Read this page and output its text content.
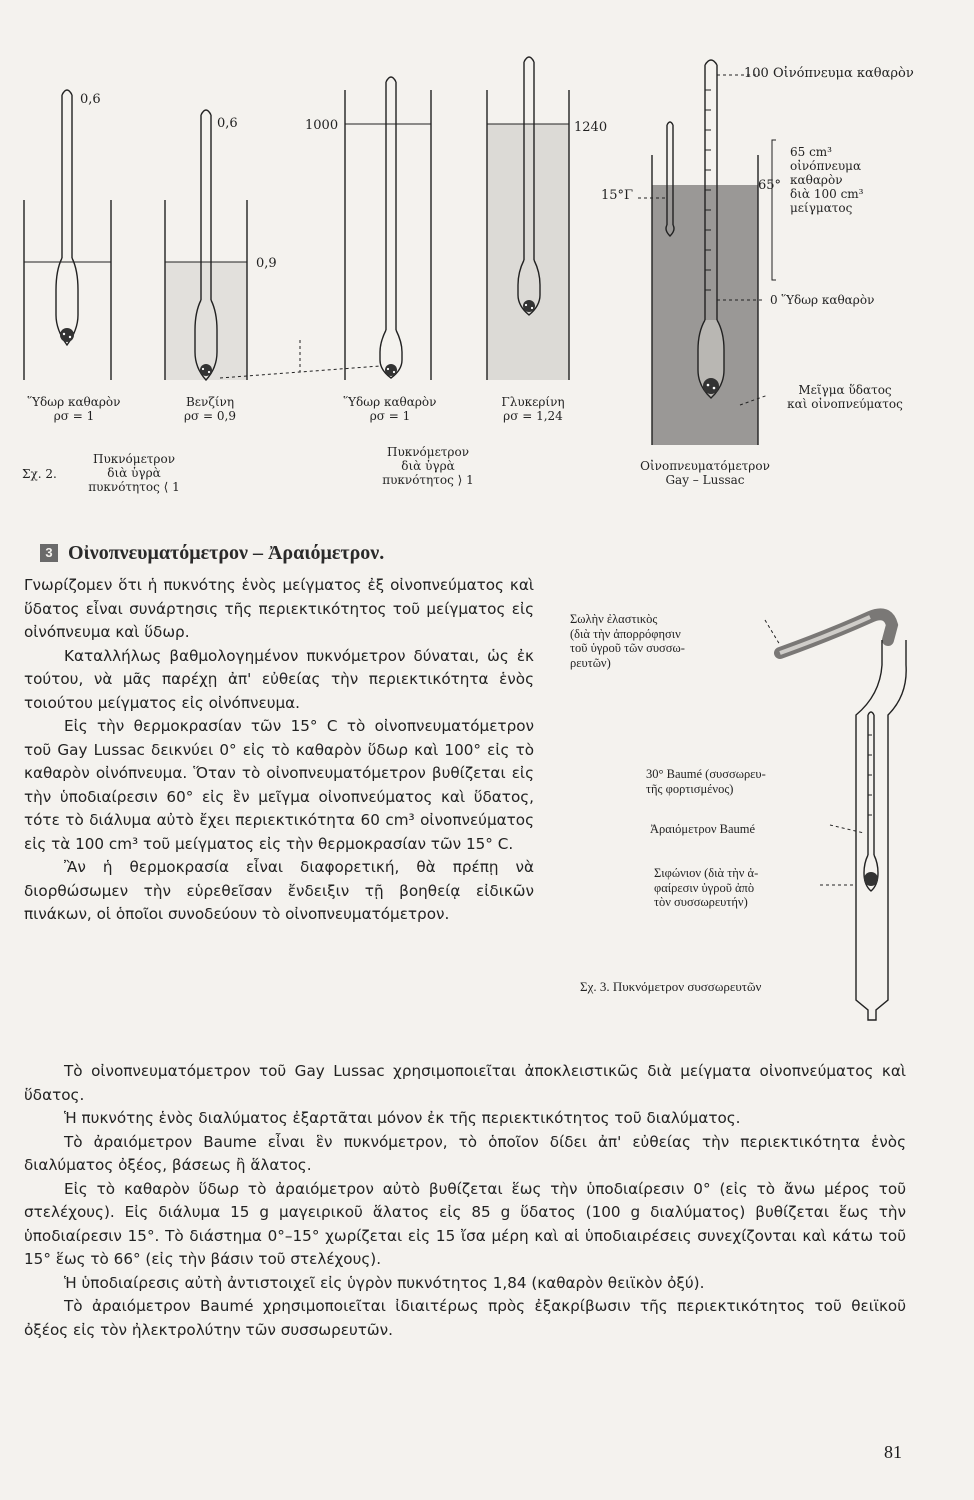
0,6
0,6
0,9
1000	1240
Ὕδωρ καθαρὸν
ρσ = 1
Βενζίνη
ρσ = 0,9
Ὕδωρ καθαρὸν
ρσ = 1
Γλυκερίνη
ρσ = 1,24
Σχ. 2.
Πυκνόμετρον
διὰ ὑγρὰ
πυκνότητος ⟨ 1
Πυκνόμετρον
διὰ ὑγρὰ
πυκνότητος ⟩ 1
100 Οἰνόπνευμα καθαρὸν
15°Γ
65°
65 cm³
οἰνόπνευμα
καθαρὸν
διὰ 100 cm³
μείγματος
0 Ὕδωρ καθαρὸν
Μεῖγμα ὕδατος
καὶ οἰνοπνεύματος
Οἰνοπνευματόμετρον
Gay – Lussac
3 Οἰνοπνευματόμετρον – Ἀραιόμετρον.

Γνωρίζομεν ὅτι ἡ πυκνότης ἑνὸς μείγματος ἐξ οἰνοπνεύματος καὶ ὕδατος εἶναι συνάρτησις τῆς περιεκτικότητος τοῦ μείγματος εἰς οἰνόπνευμα καὶ ὕδωρ.

Καταλλήλως βαθμολογημένον πυκνόμετρον δύναται, ὡς ἐκ τούτου, νὰ μᾶς παρέχῃ ἀπ' εὐθείας τὴν περιεκτικότητα ἑνὸς τοιούτου μείγματος εἰς οἰνόπνευμα.

Εἰς τὴν θερμοκρασίαν τῶν 15° C τὸ οἰνοπνευματόμετρον τοῦ Gay Lussac δεικνύει 0° εἰς τὸ καθαρὸν ὕδωρ καὶ 100° εἰς τὸ καθαρὸν οἰνόπνευμα. Ὅταν τὸ οἰνοπνευματόμετρον βυθίζεται εἰς τὴν ὑποδιαίρεσιν 60° εἰς ἓν μεῖγμα οἰνοπνεύματος καὶ ὕδατος, τότε τὸ διάλυμα αὐτὸ ἔχει περιεκτικότητα 60 cm³ οἰνοπνεύματος εἰς τὰ 100 cm³ τοῦ μείγματος εἰς τὴν θερμοκρασίαν τῶν 15° C.

Ἂν ἡ θερμοκρασία εἶναι διαφορετική, θὰ πρέπῃ νὰ διορθώσωμεν τὴν εὑρεθεῖσαν ἔνδειξιν τῇ βοηθείᾳ εἰδικῶν πινάκων, οἱ ὁποῖοι συνοδεύουν τὸ οἰνοπνευματόμετρον.

Σωλὴν ἐλαστικὸς
(διὰ τὴν ἀπορρόφησιν
τοῦ ὑγροῦ τῶν συσσω-
ρευτῶν)
30° Baumé (συσσωρευ-
τῆς φορτισμένος)
Ἀραιόμετρον Baumé
Σιφώνιον (διὰ τὴν ἀ-
φαίρεσιν ὑγροῦ ἀπὸ
τὸν συσσωρευτήν)
Σχ. 3. Πυκνόμετρον συσσωρευτῶν

Τὸ οἰνοπνευματόμετρον τοῦ Gay Lussac χρησιμοποιεῖται ἀποκλειστικῶς διὰ μείγματα οἰνοπνεύματος καὶ ὕδατος.

Ἡ πυκνότης ἑνὸς διαλύματος ἐξαρτᾶται μόνον ἐκ τῆς περιεκτικότητος τοῦ διαλύματος.

Τὸ ἀραιόμετρον Baume εἶναι ἓν πυκνόμετρον, τὸ ὁποῖον δίδει ἀπ' εὐθείας τὴν περιεκτικότητα ἑνὸς διαλύματος ὀξέος, βάσεως ἢ ἅλατος.

Εἰς τὸ καθαρὸν ὕδωρ τὸ ἀραιόμετρον αὐτὸ βυθίζεται ἕως τὴν ὑποδιαίρεσιν 0° (εἰς τὸ ἄνω μέρος τοῦ στελέχους). Εἰς διάλυμα 15 g μαγειρικοῦ ἅλατος εἰς 85 g ὕδατος (100 g διαλύματος) βυθίζεται ἕως τὴν ὑποδιαίρεσιν 15°. Τὸ διάστημα 0°–15° χωρίζεται εἰς 15 ἴσα μέρη καὶ αἱ ὑποδιαιρέσεις συνεχίζονται καὶ κάτω τοῦ 15° ἕως τὸ 66° (εἰς τὴν βάσιν τοῦ στελέχους).

Ἡ ὑποδιαίρεσις αὐτὴ ἀντιστοιχεῖ εἰς ὑγρὸν πυκνότητος 1,84 (καθαρὸν θειϊκὸν ὀξύ).

Τὸ ἀραιόμετρον Baumé χρησιμοποιεῖται ἰδιαιτέρως πρὸς ἐξακρίβωσιν τῆς περιεκτικότητος τοῦ θειϊκοῦ ὀξέος εἰς τὸν ἠλεκτρολύτην τῶν συσσωρευτῶν.

81
